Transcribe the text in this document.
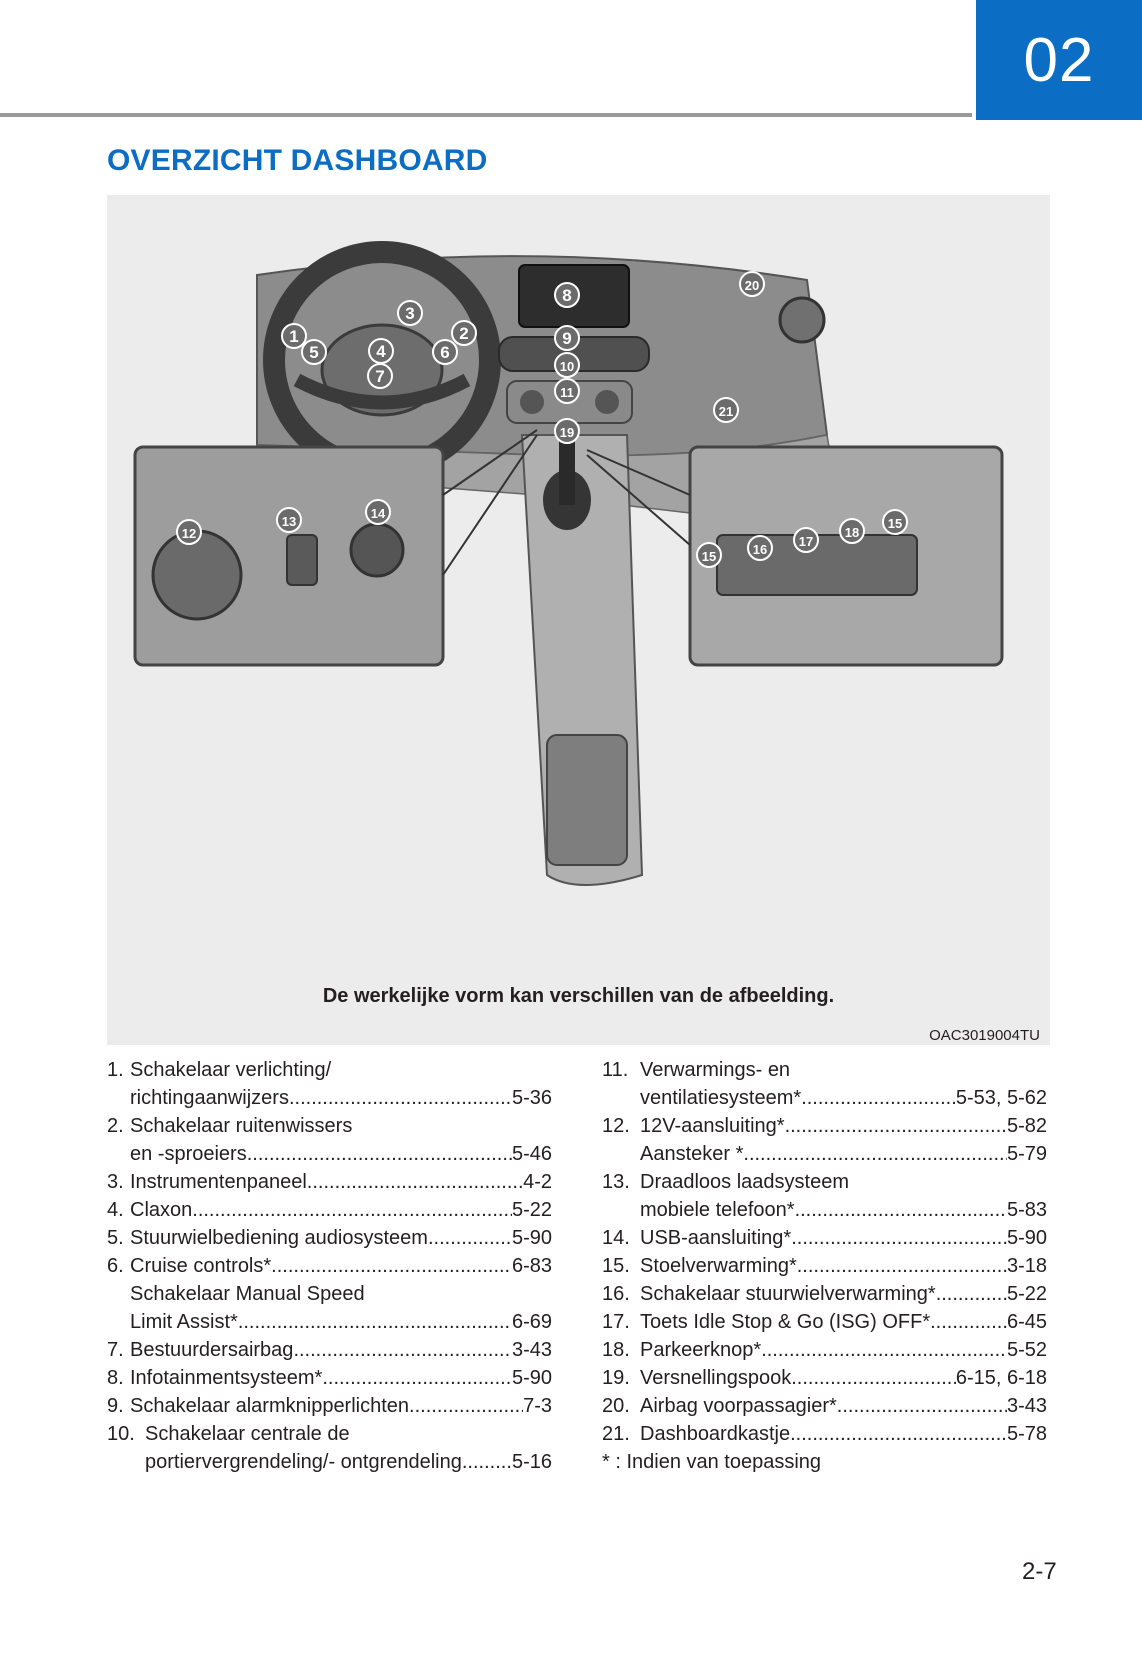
02
OVERZICHT DASHBOARD
1	2
3
4
5	6
7
8
9
10
11
19
20
21
12
13
14
15	16
17
18
15
De werkelijke vorm kan verschillen van de afbeelding.
OAC3019004TU
1. Schakelaar verlichting/
richtingaanwijzers .....	5-36
2. Schakelaar ruitenwissers
en -sproeiers .....	5-46
3. Instrumentenpaneel .....	4-2
4. Claxon .....	5-22
5. Stuurwielbediening audiosysteem .....	5-90
6. Cruise controls* .....	6-83
Schakelaar Manual Speed
Limit Assist* .....	6-69
7. Bestuurdersairbag .....	3-43
8. Infotainmentsysteem* .....	5-90
9. Schakelaar alarmknipperlichten .....	7-3
10. Schakelaar centrale de
portiervergrendeling/- ontgrendeling .....	5-16
11. Verwarmings- en
ventilatiesysteem* .....	5-53, 5-62
12. 12V-aansluiting* .....	5-82
Aansteker * .....	5-79
13. Draadloos laadsysteem
mobiele telefoon* .....	5-83
14. USB-aansluiting* .....	5-90
15. Stoelverwarming* .....	3-18
16. Schakelaar stuurwielverwarming* .....	5-22
17. Toets Idle Stop & Go (ISG) OFF* .....	6-45
18. Parkeerknop* .....	5-52
19. Versnellingspook .....	6-15, 6-18
20. Airbag voorpassagier* .....	3-43
21. Dashboardkastje .....	5-78
* : Indien van toepassing
2-7
